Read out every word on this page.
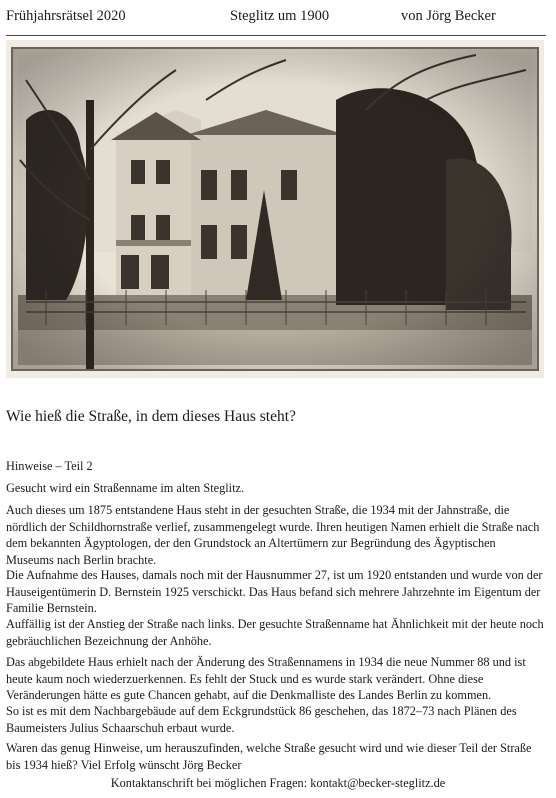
Frühjahrsrätsel 2020	Steglitz um 1900	von Jörg Becker
Wie hieß die Straße, in dem dieses Haus steht?
Hinweise – Teil 2
Gesucht wird ein Straßenname im alten Steglitz.

Auch dieses um 1875 entstandene Haus steht in der gesuchten Straße, die 1934 mit der Jahnstraße, die nördlich der Schildhornstraße verlief, zusammengelegt wurde. Ihren heutigen Namen erhielt die Straße nach dem bekannten Ägyptologen, der den Grundstock an Altertümern zur Begründung des Ägyptischen Museums nach Berlin brachte.

Die Aufnahme des Hauses, damals noch mit der Hausnummer 27, ist um 1920 entstanden und wurde von der Hauseigentümerin D. Bernstein 1925 verschickt. Das Haus befand sich mehrere Jahrzehnte im Eigentum der Familie Bernstein.

Auffällig ist der Anstieg der Straße nach links. Der gesuchte Straßenname hat Ähnlichkeit mit der heute noch gebräuchlichen Bezeichnung der Anhöhe.

Das abgebildete Haus erhielt nach der Änderung des Straßennamens in 1934 die neue Nummer 88 und ist heute kaum noch wiederzuerkennen. Es fehlt der Stuck und es wurde stark verändert. Ohne diese Veränderungen hätte es gute Chancen gehabt, auf die Denkmalliste des Landes Berlin zu kommen.

So ist es mit dem Nachbargebäude auf dem Eckgrundstück 86 geschehen, das 1872–73 nach Plänen des Baumeisters Julius Schaarschuh erbaut wurde.

Waren das genug Hinweise, um herauszufinden, welche Straße gesucht wird und wie dieser Teil der Straße bis 1934 hieß? Viel Erfolg wünscht Jörg Becker

Kontaktanschrift bei möglichen Fragen: kontakt@becker-steglitz.de
